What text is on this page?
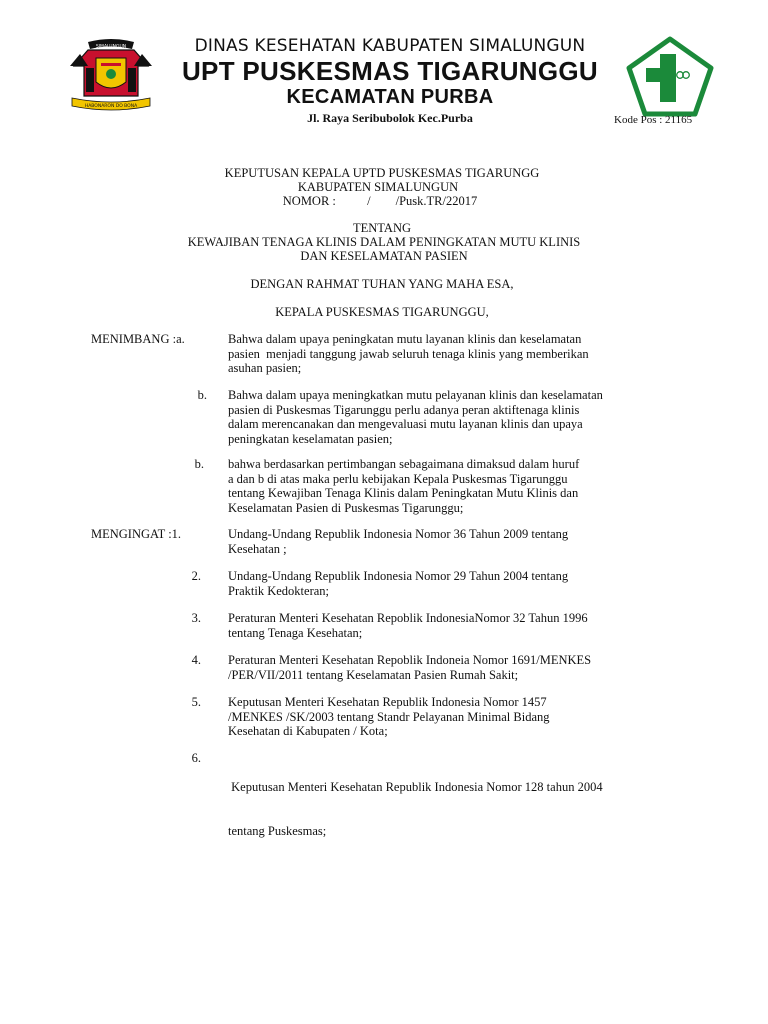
SIMALUNGUN
HABONARON DO BONA
DINAS KESEHATAN KABUPATEN SIMALUNGUN
UPT PUSKESMAS TIGARUNGGU
KECAMATAN PURBA
Jl. Raya Seribubolok Kec.Purba	Kode Pos : 21165
KEPUTUSAN KEPALA UPTD PUSKESMAS TIGARUNGG
KABUPATEN SIMALUNGUN
NOMOR :          /        /Pusk.TR/22017
TENTANG
KEWAJIBAN TENAGA KLINIS DALAM PENINGKATAN MUTU KLINIS
DAN KESELAMATAN PASIEN
DENGAN RAHMAT TUHAN YANG MAHA ESA,
KEPALA PUSKESMAS TIGARUNGGU,
MENIMBANG :a.	Bahwa dalam upaya peningkatan mutu layanan klinis dan keselamatan
pasien  menjadi tanggung jawab seluruh tenaga klinis yang memberikan
asuhan pasien;
b. Bahwa dalam upaya meningkatkan mutu pelayanan klinis dan keselamatan
pasien di Puskesmas Tigarunggu perlu adanya peran aktiftenaga klinis
dalam merencanakan dan mengevaluasi mutu layanan klinis dan upaya
peningkatan keselamatan pasien;
b. bahwa berdasarkan pertimbangan sebagaimana dimaksud dalam huruf
a dan b di atas maka perlu kebijakan Kepala Puskesmas Tigarunggu
tentang Kewajiban Tenaga Klinis dalam Peningkatan Mutu Klinis dan
Keselamatan Pasien di Puskesmas Tigarunggu;
MENGINGAT :1.	Undang-Undang Republik Indonesia Nomor 36 Tahun 2009 tentang
Kesehatan ;
2. Undang-Undang Republik Indonesia Nomor 29 Tahun 2004 tentang
Praktik Kedokteran;
3. Peraturan Menteri Kesehatan Repoblik IndonesiaNomor 32 Tahun 1996
tentang Tenaga Kesehatan;
4. Peraturan Menteri Kesehatan Repoblik Indoneia Nomor 1691/MENKES
/PER/VII/2011 tentang Keselamatan Pasien Rumah Sakit;
5. Keputusan Menteri Kesehatan Republik Indonesia Nomor 1457
/MENKES /SK/2003 tentang Standr Pelayanan Minimal Bidang
Kesehatan di Kabupaten / Kota;
6.

Keputusan Menteri Kesehatan Republik Indonesia Nomor 128 tahun 2004

tentang Puskesmas;
